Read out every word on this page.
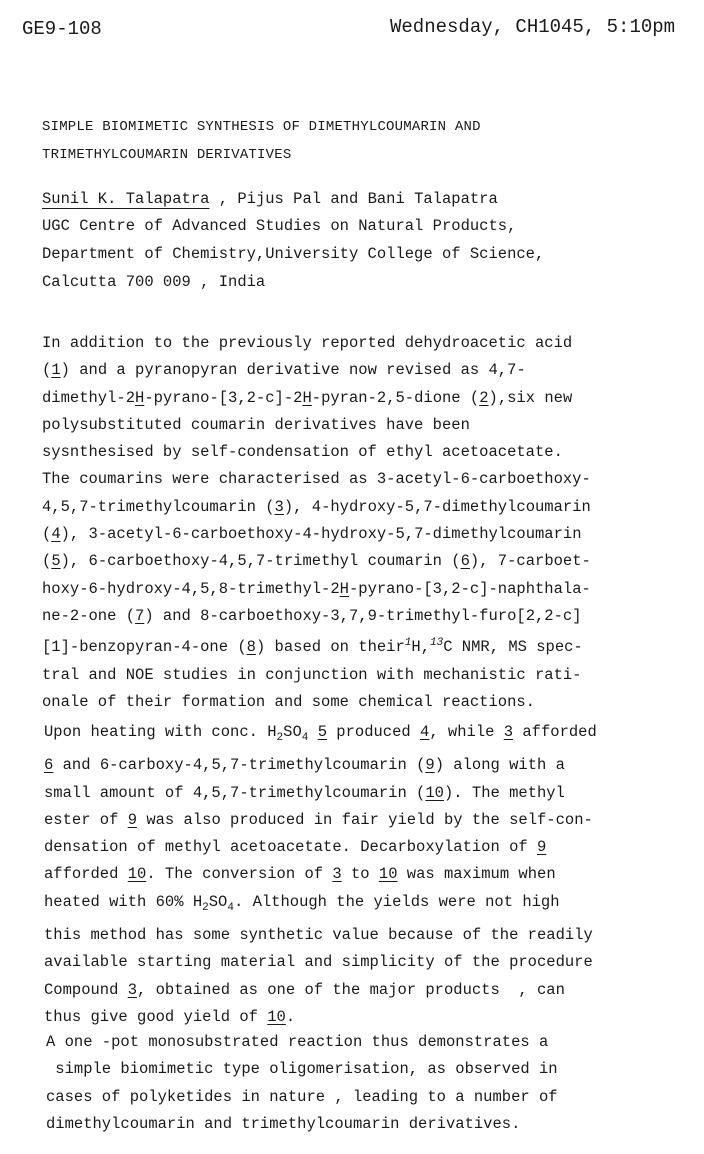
GE9-108	Wednesday, CH1045, 5:10pm
SIMPLE BIOMIMETIC SYNTHESIS OF DIMETHYLCOUMARIN AND
TRIMETHYLCOUMARIN DERIVATIVES
Sunil K. Talapatra , Pijus Pal and Bani Talapatra
UGC Centre of Advanced Studies on Natural Products,
Department of Chemistry,University College of Science,
Calcutta 700 009 , India
In addition to the previously reported dehydroacetic acid
(1) and a pyranopyran derivative now revised as 4,7-
dimethyl-2H-pyrano-[3,2-c]-2H-pyran-2,5-dione (2),six new
polysubstituted coumarin derivatives have been
sysnthesised by self-condensation of ethyl acetoacetate.
The coumarins were characterised as 3-acetyl-6-carboethoxy-
4,5,7-trimethylcoumarin (3), 4-hydroxy-5,7-dimethylcoumarin
(4), 3-acetyl-6-carboethoxy-4-hydroxy-5,7-dimethylcoumarin
(5), 6-carboethoxy-4,5,7-trimethyl coumarin (6), 7-carboet-
hoxy-6-hydroxy-4,5,8-trimethyl-2H-pyrano-[3,2-c]-naphthala-
ne-2-one (7) and 8-carboethoxy-3,7,9-trimethyl-furo[2,2-c]
[1]-benzopyran-4-one (8) based on their$^1$H,$^{13}$C NMR, MS spec-
tral and NOE studies in conjunction with mechanistic rati-
onale of their formation and some chemical reactions.
Upon heating with conc. $H_2SO_4$ 5 produced 4, while 3 afforded
6 and 6-carboxy-4,5,7-trimethylcoumarin (9) along with a
small amount of 4,5,7-trimethylcoumarin (10). The methyl
ester of 9 was also produced in fair yield by the self-con-
densation of methyl acetoacetate. Decarboxylation of 9
afforded 10. The conversion of 3 to 10 was maximum when
heated with 60% $H_2SO_4$. Although the yields were not high
this method has some synthetic value because of the readily
available starting material and simplicity of the procedure
Compound 3, obtained as one of the major products  , can
thus give good yield of 10.
A one -pot monosubstrated reaction thus demonstrates a
simple biomimetic type oligomerisation, as observed in
cases of polyketides in nature , leading to a number of
dimethylcoumarin and trimethylcoumarin derivatives.
